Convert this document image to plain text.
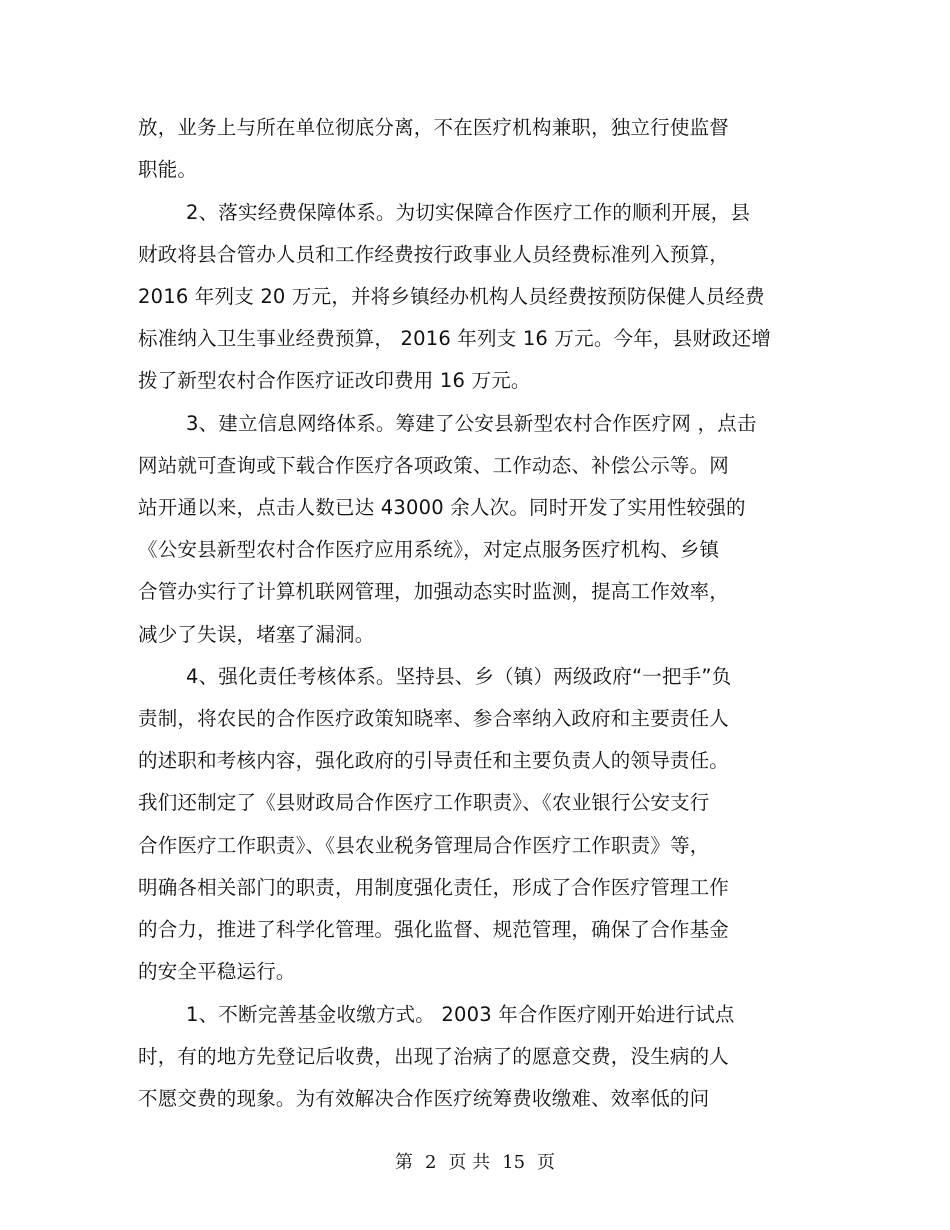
放，业务上与所在单位彻底分离，不在医疗机构兼职，独立行使监督
职能。
2、落实经费保障体系。为切实保障合作医疗工作的顺利开展，县
财政将县合管办人员和工作经费按行政事业人员经费标准列入预算，
2016 年列支 20 万元，并将乡镇经办机构人员经费按预防保健人员经费
标准纳入卫生事业经费预算， 2016 年列支 16 万元。今年，县财政还增
拨了新型农村合作医疗证改印费用 16 万元。
3、建立信息网络体系。筹建了公安县新型农村合作医疗网 ，点击
网站就可查询或下载合作医疗各项政策、工作动态、补偿公示等。网
站开通以来，点击人数已达 43000 余人次。同时开发了实用性较强的
《公安县新型农村合作医疗应用系统》，对定点服务医疗机构、乡镇
合管办实行了计算机联网管理，加强动态实时监测，提高工作效率，
减少了失误，堵塞了漏洞。
4、强化责任考核体系。坚持县、乡（镇）两级政府“一把手”负
责制，将农民的合作医疗政策知晓率、参合率纳入政府和主要责任人
的述职和考核内容，强化政府的引导责任和主要负责人的领导责任。
我们还制定了《县财政局合作医疗工作职责》、《农业银行公安支行
合作医疗工作职责》、《县农业税务管理局合作医疗工作职责》等，
明确各相关部门的职责，用制度强化责任，形成了合作医疗管理工作
的合力，推进了科学化管理。强化监督、规范管理，确保了合作基金
的安全平稳运行。
1、不断完善基金收缴方式。 2003 年合作医疗刚开始进行试点
时，有的地方先登记后收费，出现了治病了的愿意交费，没生病的人
不愿交费的现象。为有效解决合作医疗统筹费收缴难、效率低的问
第 2 页 共 15 页
